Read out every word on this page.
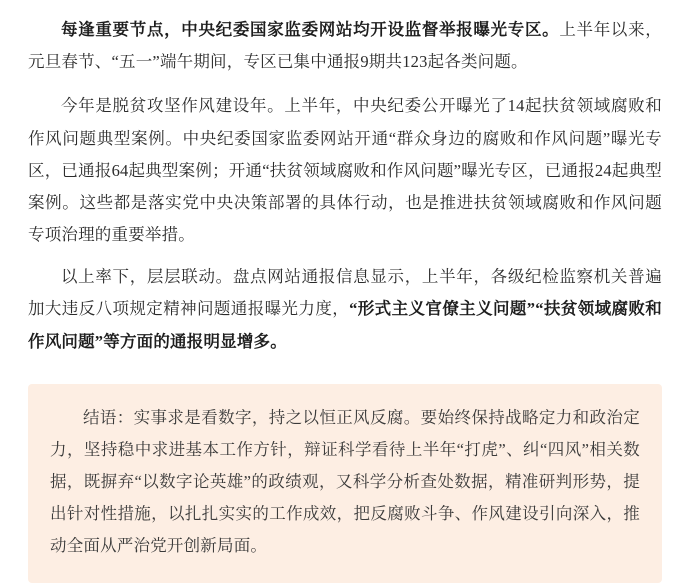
每逢重要节点，中央纪委国家监委网站均开设监督举报曝光专区。上半年以来，元旦春节、“五一”端午期间，专区已集中通报9期共123起各类问题。

今年是脱贫攻坚作风建设年。上半年，中央纪委公开曝光了14起扶贫领域腐败和作风问题典型案例。中央纪委国家监委网站开通“群众身边的腐败和作风问题”曝光专区，已通报64起典型案例；开通“扶贫领域腐败和作风问题”曝光专区，已通报24起典型案例。这些都是落实党中央决策部署的具体行动，也是推进扶贫领域腐败和作风问题专项治理的重要举措。

以上率下，层层联动。盘点网站通报信息显示，上半年，各级纪检监察机关普遍加大违反八项规定精神问题通报曝光力度，“形式主义官僚主义问题”“扶贫领域腐败和作风问题”等方面的通报明显增多。

结语：实事求是看数字，持之以恒正风反腐。要始终保持战略定力和政治定力，坚持稳中求进基本工作方针，辩证科学看待上半年“打虎”、纠“四风”相关数据，既摒弃“以数字论英雄”的政绩观，又科学分析查处数据，精准研判形势，提出针对性措施，以扎扎实实的工作成效，把反腐败斗争、作风建设引向深入，推动全面从严治党开创新局面。
